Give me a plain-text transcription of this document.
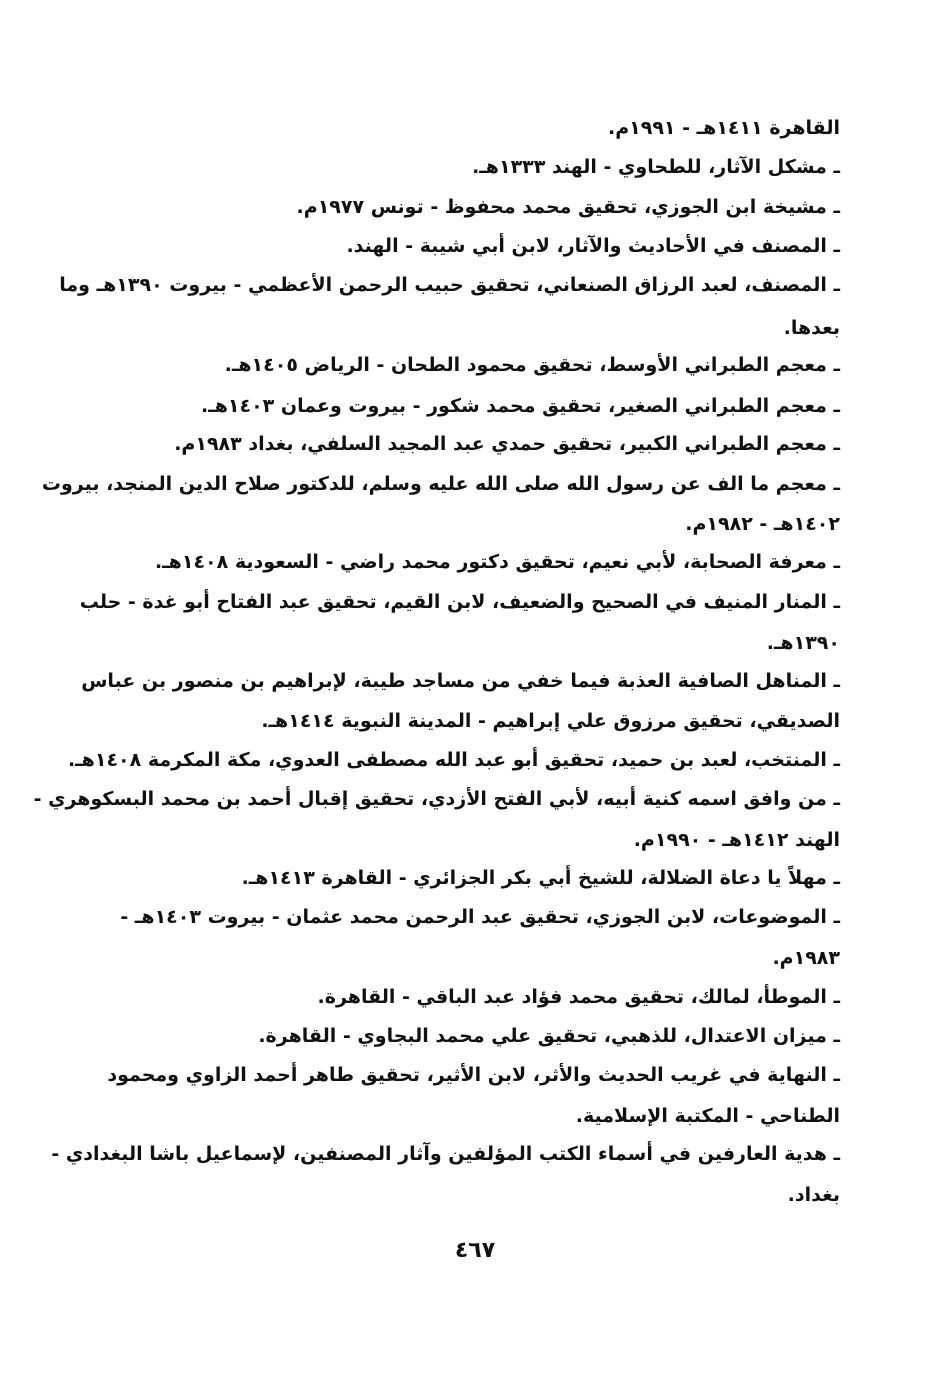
القاهرة ١٤١١هـ - ١٩٩١م.
ـ مشكل الآثار، للطحاوي - الهند ١٣٣٣هـ.
ـ مشيخة ابن الجوزي، تحقيق محمد محفوظ - تونس ١٩٧٧م.
ـ المصنف في الأحاديث والآثار، لابن أبي شيبة - الهند.
ـ المصنف، لعبد الرزاق الصنعاني، تحقيق حبيب الرحمن الأعظمي - بيروت ١٣٩٠هـ وما
بعدها.
ـ معجم الطبراني الأوسط، تحقيق محمود الطحان - الرياض ١٤٠٥هـ.
ـ معجم الطبراني الصغير، تحقيق محمد شكور - بيروت وعمان ١٤٠٣هـ.
ـ معجم الطبراني الكبير، تحقيق حمدي عبد المجيد السلفي، بغداد ١٩٨٣م.
ـ معجم ما الف عن رسول الله صلى الله عليه وسلم، للدكتور صلاح الدين المنجد، بيروت
١٤٠٢هـ - ١٩٨٢م.
ـ معرفة الصحابة، لأبي نعيم، تحقيق دكتور محمد راضي - السعودية ١٤٠٨هـ.
ـ المنار المنيف في الصحيح والضعيف، لابن القيم، تحقيق عبد الفتاح أبو غدة - حلب
١٣٩٠هـ.
ـ المناهل الصافية العذبة فيما خفي من مساجد طيبة، لإبراهيم بن منصور بن عباس
الصديقي، تحقيق مرزوق علي إبراهيم - المدينة النبوية ١٤١٤هـ.
ـ المنتخب، لعبد بن حميد، تحقيق أبو عبد الله مصطفى العدوي، مكة المكرمة ١٤٠٨هـ.
ـ من وافق اسمه كنية أبيه، لأبي الفتح الأزدي، تحقيق إقبال أحمد بن محمد البسكوهري -
الهند ١٤١٢هـ - ١٩٩٠م.
ـ مهلاً يا دعاة الضلالة، للشيخ أبي بكر الجزائري - القاهرة ١٤١٣هـ.
ـ الموضوعات، لابن الجوزي، تحقيق عبد الرحمن محمد عثمان - بيروت ١٤٠٣هـ -
١٩٨٣م.
ـ الموطأ، لمالك، تحقيق محمد فؤاد عبد الباقي - القاهرة.
ـ ميزان الاعتدال، للذهبي، تحقيق علي محمد البجاوي - القاهرة.
ـ النهاية في غريب الحديث والأثر، لابن الأثير، تحقيق طاهر أحمد الزاوي ومحمود
الطناحي - المكتبة الإسلامية.
ـ هدية العارفين في أسماء الكتب المؤلفين وآثار المصنفين، لإسماعيل باشا البغدادي -
بغداد.
٤٦٧
